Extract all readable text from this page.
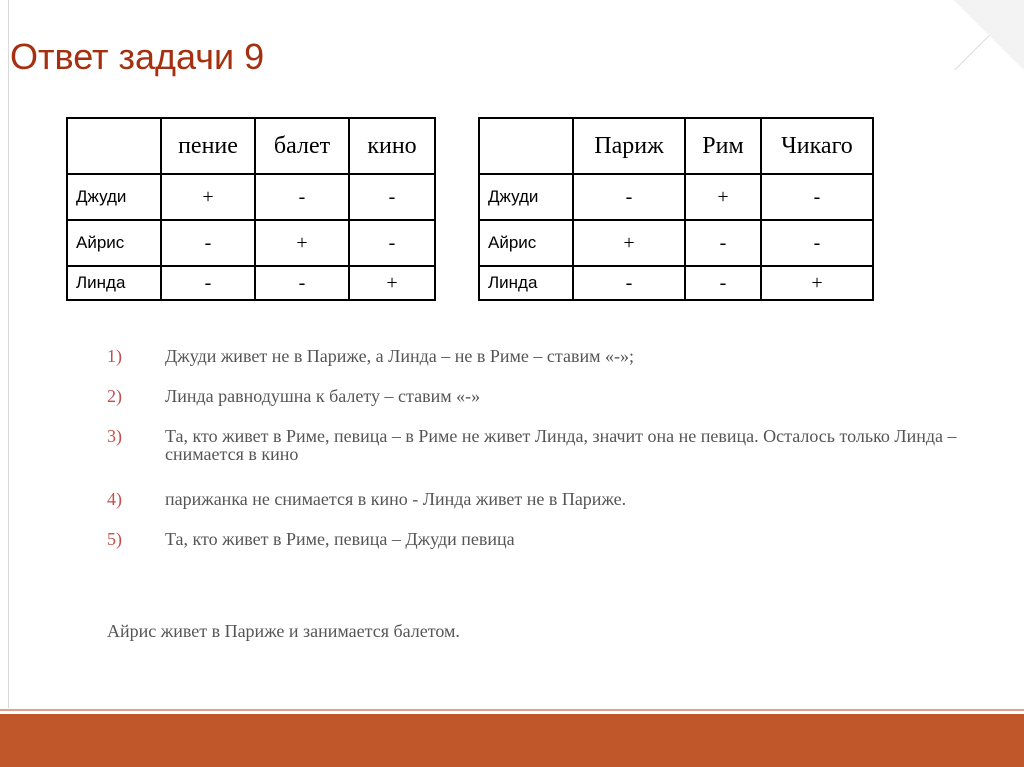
Ответ задачи 9
	пение	балет	кино
Джуди	+	-	-
Айрис	-	+	-
Линда	-	-	+
	Париж	Рим	Чикаго
Джуди	-	+	-
Айрис	+	-	-
Линда	-	-	+
1) Джуди живет не в Париже, а Линда – не в Риме – ставим «-»;
2) Линда равнодушна к балету – ставим «-»
3) Та, кто живет в Риме, певица – в Риме не живет Линда, значит она не певица. Осталось только Линда – снимается в кино
4) парижанка не снимается в кино - Линда живет не в Париже.
5) Та, кто живет в Риме, певица – Джуди певица

Айрис живет в Париже и занимается балетом.
